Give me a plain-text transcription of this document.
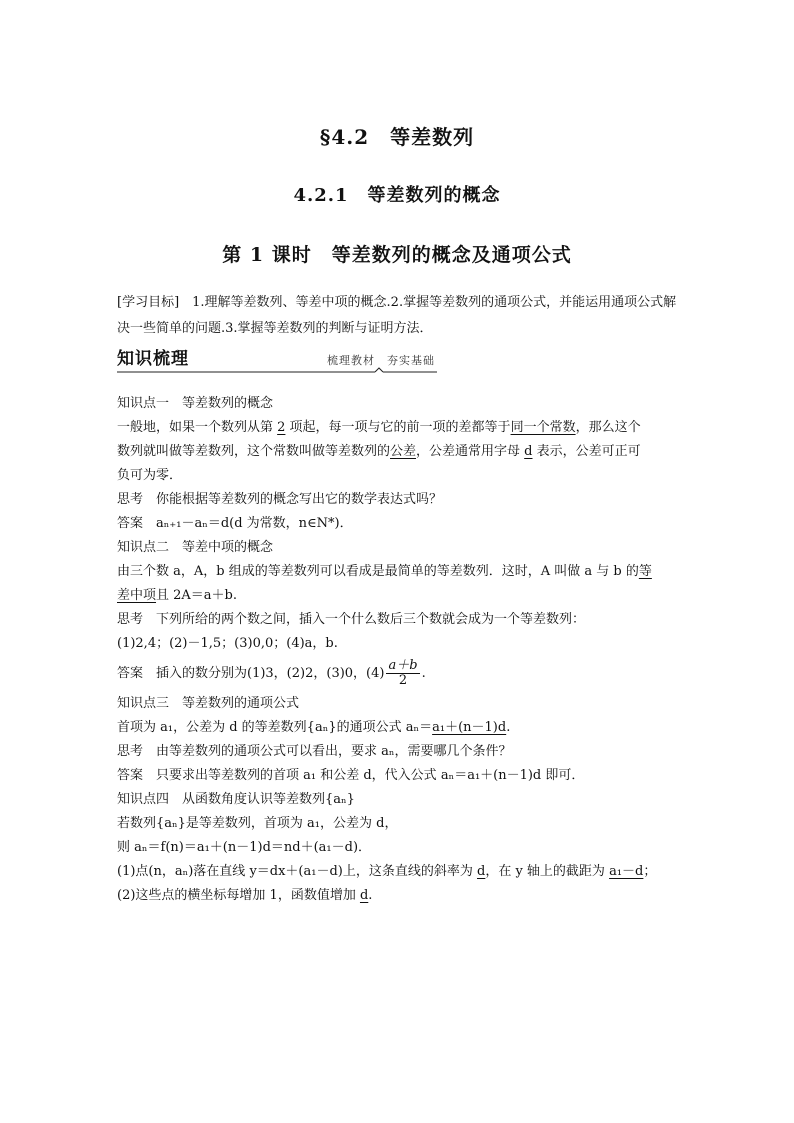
§4.2　等差数列
4.2.1　等差数列的概念
第 1 课时　等差数列的概念及通项公式
[学习目标]　1.理解等差数列、等差中项的概念.2.掌握等差数列的通项公式，并能运用通项公式解决一些简单的问题.3.掌握等差数列的判断与证明方法．
知识梳理	梳理教材　夯实基础
知识点一　等差数列的概念
一般地，如果一个数列从第 2 项起，每一项与它的前一项的差都等于同一个常数，那么这个
数列就叫做等差数列，这个常数叫做等差数列的公差，公差通常用字母 d 表示，公差可正可
负可为零．
思考　你能根据等差数列的概念写出它的数学表达式吗？
答案　aₙ₊₁－aₙ＝d(d 为常数，n∈N*)．
知识点二　等差中项的概念
由三个数 a，A，b 组成的等差数列可以看成是最简单的等差数列．这时，A 叫做 a 与 b 的等
差中项且 2A＝a＋b.
思考　下列所给的两个数之间，插入一个什么数后三个数就会成为一个等差数列：
(1)2,4；(2)－1,5；(3)0,0；(4)a，b.
答案　插入的数分别为(1)3，(2)2，(3)0，$(4) \frac{a+b}{2}$ .
知识点三　等差数列的通项公式
首项为 a₁，公差为 d 的等差数列{aₙ}的通项公式 aₙ＝a₁＋(n－1)d.
思考　由等差数列的通项公式可以看出，要求 aₙ，需要哪几个条件？
答案　只要求出等差数列的首项 a₁ 和公差 d，代入公式 aₙ＝a₁＋(n－1)d 即可．
知识点四　从函数角度认识等差数列{aₙ}
若数列{aₙ}是等差数列，首项为 a₁，公差为 d，
则 aₙ＝f(n)＝a₁＋(n－1)d＝nd＋(a₁－d)．
(1)点(n，aₙ)落在直线 y＝dx＋(a₁－d)上，这条直线的斜率为 d，在 y 轴上的截距为 a₁－d；
(2)这些点的横坐标每增加 1，函数值增加 d.
